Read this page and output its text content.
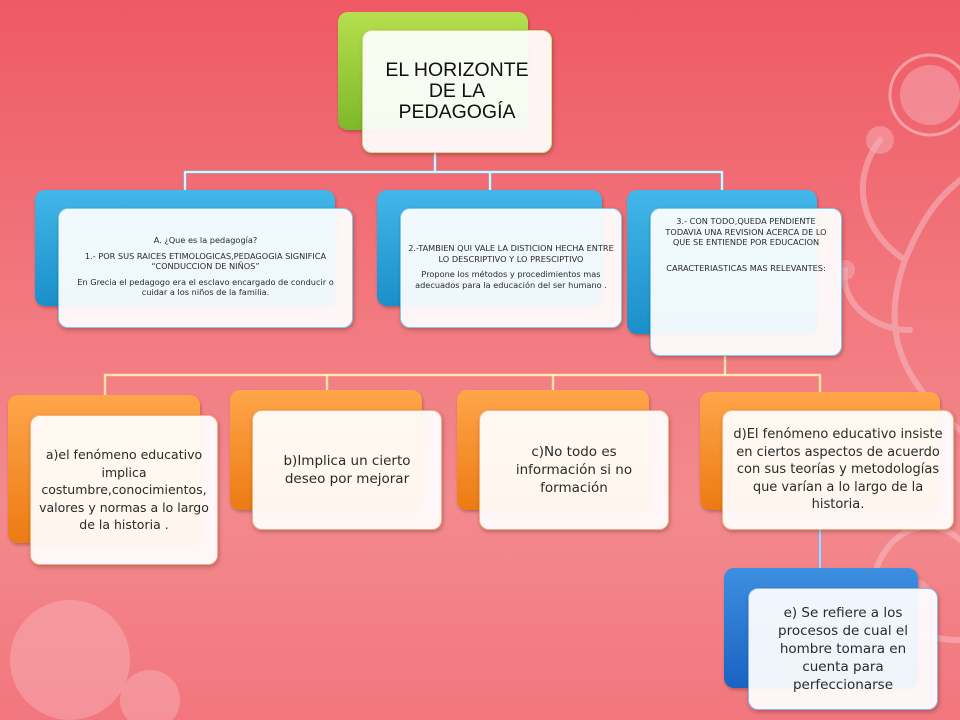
EL HORIZONTE DE LA PEDAGOGÍA
A. ¿Que es la pedagogía?
1.- POR SUS RAICES ETIMOLOGICAS,PEDAGOGIA SIGNIFICA “CONDUCCION DE NIÑOS”
En Grecia el pedagogo era el esclavo encargado de conducir o cuidar a los niños de la familia.
2.-TAMBIEN QUI VALE LA DISTICION HECHA ENTRE LO DESCRIPTIVO Y LO PRESCIPTIVO
Propone los métodos y procedimientos mas adecuados para la educación del ser humano .
3.- CON TODO,QUEDA PENDIENTE TODAVIA UNA REVISION ACERCA DE LO QUE SE ENTIENDE POR EDUCACION
CARACTERIASTICAS MAS RELEVANTES:
a)el fenómeno educativo implica costumbre,conocimientos, valores y normas a lo largo de la historia .
b)Implica un cierto deseo por mejorar
c)No todo es información si no formación
d)El fenómeno educativo insiste en ciertos aspectos de acuerdo con sus teorías y metodologías que varían a lo largo de la historia.
e) Se refiere a los procesos de cual el hombre tomara en cuenta para perfeccionarse
